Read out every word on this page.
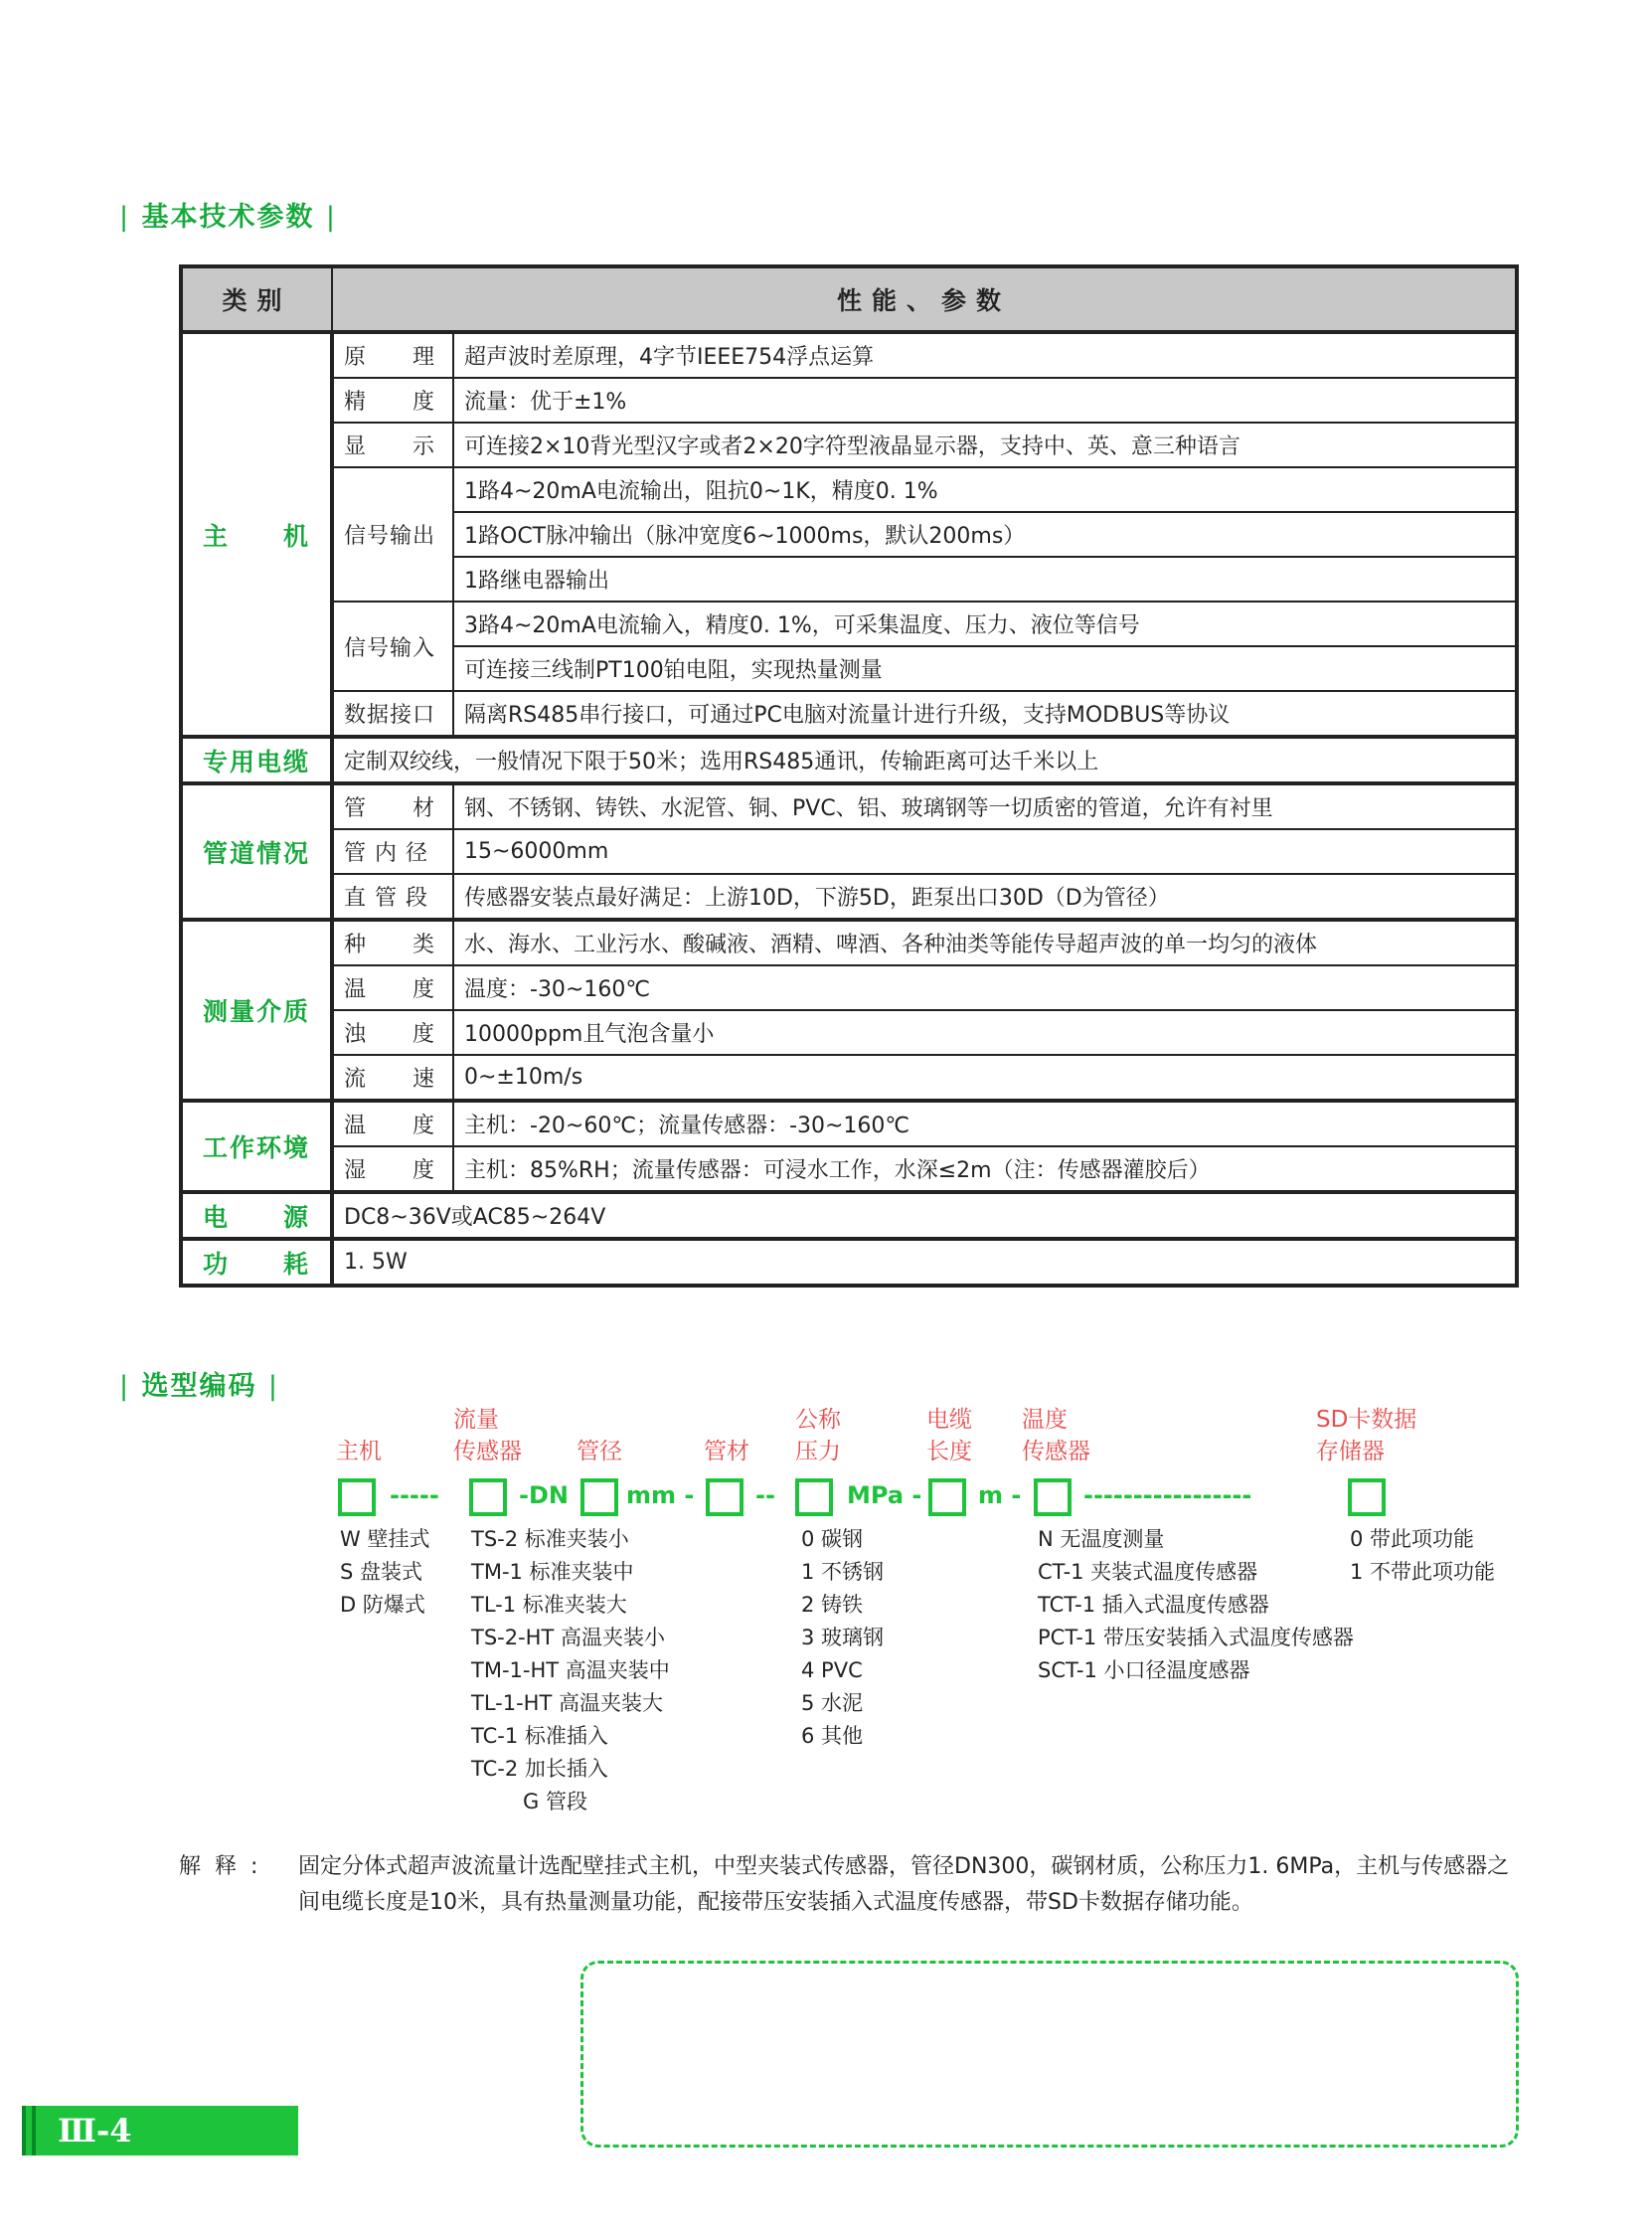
| 基本技术参数 |
类别	性能、参数	
主　　机	原　　理	超声波时差原理，4字节IEEE754浮点运算
	精　　度	流量：优于±1%
	显　　示	可连接2×10背光型汉字或者2×20字符型液晶显示器，支持中、英、意三种语言
	信号输出	1路4~20mA电流输出，阻抗0~1K，精度0. 1%
		1路OCT脉冲输出（脉冲宽度6~1000ms，默认200ms）
		1路继电器输出
	信号输入	3路4~20mA电流输入，精度0. 1%，可采集温度、压力、液位等信号
		可连接三线制PT100铂电阻，实现热量测量
	数据接口	隔离RS485串行接口，可通过PC电脑对流量计进行升级，支持MODBUS等协议
专用电缆	定制双绞线，一般情况下限于50米；选用RS485通讯，传输距离可达千米以上	
管道情况	管　　材	钢、不锈钢、铸铁、水泥管、铜、PVC、铝、玻璃钢等一切质密的管道，允许有衬里
	管 内 径	15~6000mm
	直 管 段	传感器安装点最好满足：上游10D，下游5D，距泵出口30D（D为管径）
测量介质	种　　类	水、海水、工业污水、酸碱液、酒精、啤酒、各种油类等能传导超声波的单一均匀的液体
	温　　度	温度：-30~160℃
	浊　　度	10000ppm且气泡含量小
	流　　速	0~±10m/s
工作环境	温　　度	主机：-20~60℃；流量传感器：-30~160℃
	湿　　度	主机：85%RH；流量传感器：可浸水工作，水深≤2m（注：传感器灌胶后）
电　　源	DC8~36V或AC85~264V	
功　　耗	1. 5W	
| 选型编码 |
主机
流量
传感器 管径	管材
公称
压力
电缆
长度
温度
传感器
SD卡数据
存储器
-----	-DN mm -	--	MPa - m -	-----------------
W 壁挂式
S 盘装式
D 防爆式
TS-2 标准夹装小
TM-1 标准夹装中
TL-1 标准夹装大
TS-2-HT 高温夹装小
TM-1-HT 高温夹装中
TL-1-HT 高温夹装大
TC-1 标准插入
TC-2 加长插入
G 管段
0 碳钢
1 不锈钢
2 铸铁
3 玻璃钢
4 PVC
5 水泥
6 其他
N 无温度测量
CT-1 夹装式温度传感器
TCT-1 插入式温度传感器
PCT-1 带压安装插入式温度传感器
SCT-1 小口径温度感器
0 带此项功能
1 不带此项功能
解释: 固定分体式超声波流量计选配壁挂式主机，中型夹装式传感器，管径DN300，碳钢材质，公称压力1. 6MPa，主机与传感器之间电缆长度是10米，具有热量测量功能，配接带压安装插入式温度传感器，带SD卡数据存储功能。
Ⅲ-4
